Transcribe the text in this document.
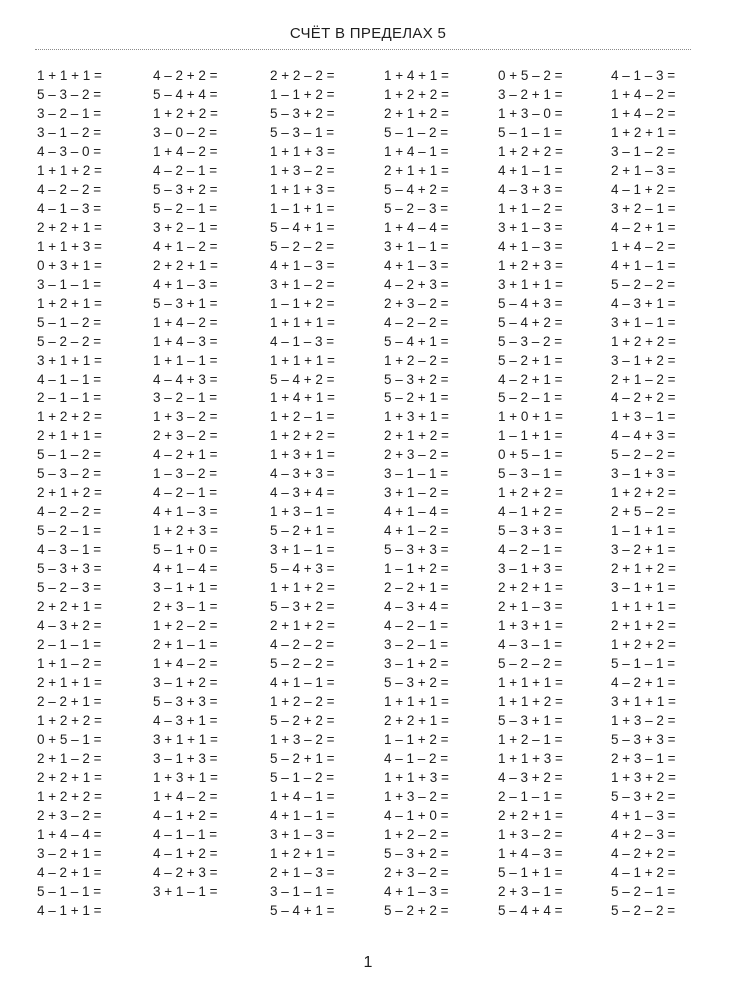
СЧЁТ В ПРЕДЕЛАХ 5
1 + 1 + 1 =
5 – 3 – 2 =
3 – 2 – 1 =
3 – 1 – 2 =
4 – 3 – 0 =
1 + 1 + 2 =
4 – 2 – 2 =
4 – 1 – 3 =
2 + 2 + 1 =
1 + 1 + 3 =
0 + 3 + 1 =
3 – 1 – 1 =
1 + 2 + 1 =
5 – 1 – 2 =
5 – 2 – 2 =
3 + 1 + 1 =
4 – 1 – 1 =
2 – 1 – 1 =
1 + 2 + 2 =
2 + 1 + 1 =
5 – 1 – 2 =
5 – 3 – 2 =
2 + 1 + 2 =
4 – 2 – 2 =
5 – 2 – 1 =
4 – 3 – 1 =
5 – 3 + 3 =
5 – 2 – 3 =
2 + 2 + 1 =
4 – 3 + 2 =
2 – 1 – 1 =
1 + 1 – 2 =
2 + 1 + 1 =
2 – 2 + 1 =
1 + 2 + 2 =
0 + 5 – 1 =
2 + 1 – 2 =
2 + 2 + 1 =
1 + 2 + 2 =
2 + 3 – 2 =
1 + 4 – 4 =
3 – 2 + 1 =
4 – 2 + 1 =
5 – 1 – 1 =
4 – 1 + 1 =
4 – 2 + 2 =
5 – 4 + 4 =
1 + 2 + 2 =
3 – 0 – 2 =
1 + 4 – 2 =
4 – 2 – 1 =
5 – 3 + 2 =
5 – 2 – 1 =
3 + 2 – 1 =
4 + 1 – 2 =
2 + 2 + 1 =
4 + 1 – 3 =
5 – 3 + 1 =
1 + 4 – 2 =
1 + 4 – 3 =
1 + 1 – 1 =
4 – 4 + 3 =
3 – 2 – 1 =
1 + 3 – 2 =
2 + 3 – 2 =
4 – 2 + 1 =
1 – 3 – 2 =
4 – 2 – 1 =
4 + 1 – 3 =
1 + 2 + 3 =
5 – 1 + 0 =
4 + 1 – 4 =
3 – 1 + 1 =
2 + 3 – 1 =
1 + 2 – 2 =
2 + 1 – 1 =
1 + 4 – 2 =
3 – 1 + 2 =
5 – 3 + 3 =
4 – 3 + 1 =
3 + 1 + 1 =
3 – 1 + 3 =
1 + 3 + 1 =
1 + 4 – 2 =
4 – 1 + 2 =
4 – 1 – 1 =
4 – 1 + 2 =
4 – 2 + 3 =
3 + 1 – 1 =
2 + 2 – 2 =
1 – 1 + 2 =
5 – 3 + 2 =
5 – 3 – 1 =
1 + 1 + 3 =
1 + 3 – 2 =
1 + 1 + 3 =
1 – 1 + 1 =
5 – 4 + 1 =
5 – 2 – 2 =
4 + 1 – 3 =
3 + 1 – 2 =
1 – 1 + 2 =
1 + 1 + 1 =
4 – 1 – 3 =
1 + 1 + 1 =
5 – 4 + 2 =
1 + 4 + 1 =
1 + 2 – 1 =
1 + 2 + 2 =
1 + 3 + 1 =
4 – 3 + 3 =
4 – 3 + 4 =
1 + 3 – 1 =
5 – 2 + 1 =
3 + 1 – 1 =
5 – 4 + 3 =
1 + 1 + 2 =
5 – 3 + 2 =
2 + 1 + 2 =
4 – 2 – 2 =
5 – 2 – 2 =
4 + 1 – 1 =
1 + 2 – 2 =
5 – 2 + 2 =
1 + 3 – 2 =
5 – 2 + 1 =
5 – 1 – 2 =
1 + 4 – 1 =
4 + 1 – 1 =
3 + 1 – 3 =
1 + 2 + 1 =
2 + 1 – 3 =
3 – 1 – 1 =
5 – 4 + 1 =
1 + 4 + 1 =
1 + 2 + 2 =
2 + 1 + 2 =
5 – 1 – 2 =
1 + 4 – 1 =
2 + 1 + 1 =
5 – 4 + 2 =
5 – 2 – 3 =
1 + 4 – 4 =
3 + 1 – 1 =
4 + 1 – 3 =
4 – 2 + 3 =
2 + 3 – 2 =
4 – 2 – 2 =
5 – 4 + 1 =
1 + 2 – 2 =
5 – 3 + 2 =
5 – 2 + 1 =
1 + 3 + 1 =
2 + 1 + 2 =
2 + 3 – 2 =
3 – 1 – 1 =
3 + 1 – 2 =
4 + 1 – 4 =
4 + 1 – 2 =
5 – 3 + 3 =
1 – 1 + 2 =
2 – 2 + 1 =
4 – 3 + 4 =
4 – 2 – 1 =
3 – 2 – 1 =
3 – 1 + 2 =
5 – 3 + 2 =
1 + 1 + 1 =
2 + 2 + 1 =
1 – 1 + 2 =
4 – 1 – 2 =
1 + 1 + 3 =
1 + 3 – 2 =
4 – 1 + 0 =
1 + 2 – 2 =
5 – 3 + 2 =
2 + 3 – 2 =
4 + 1 – 3 =
5 – 2 + 2 =
0 + 5 – 2 =
3 – 2 + 1 =
1 + 3 – 0 =
5 – 1 – 1 =
1 + 2 + 2 =
4 + 1 – 1 =
4 – 3 + 3 =
1 + 1 – 2 =
3 + 1 – 3 =
4 + 1 – 3 =
1 + 2 + 3 =
3 + 1 + 1 =
5 – 4 + 3 =
5 – 4 + 2 =
5 – 3 – 2 =
5 – 2 + 1 =
4 – 2 + 1 =
5 – 2 – 1 =
1 + 0 + 1 =
1 – 1 + 1 =
0 + 5 – 1 =
5 – 3 – 1 =
1 + 2 + 2 =
4 – 1 + 2 =
5 – 3 + 3 =
4 – 2 – 1 =
3 – 1 + 3 =
2 + 2 + 1 =
2 + 1 – 3 =
1 + 3 + 1 =
4 – 3 – 1 =
5 – 2 – 2 =
1 + 1 + 1 =
1 + 1 + 2 =
5 – 3 + 1 =
1 + 2 – 1 =
1 + 1 + 3 =
4 – 3 + 2 =
2 – 1 – 1 =
2 + 2 + 1 =
1 + 3 – 2 =
1 + 4 – 3 =
5 – 1 + 1 =
2 + 3 – 1 =
5 – 4 + 4 =
4 – 1 – 3 =
1 + 4 – 2 =
1 + 4 – 2 =
1 + 2 + 1 =
3 – 1 – 2 =
2 + 1 – 3 =
4 – 1 + 2 =
3 + 2 – 1 =
4 – 2 + 1 =
1 + 4 – 2 =
4 + 1 – 1 =
5 – 2 – 2 =
4 – 3 + 1 =
3 + 1 – 1 =
1 + 2 + 2 =
3 – 1 + 2 =
2 + 1 – 2 =
4 – 2 + 2 =
1 + 3 – 1 =
4 – 4 + 3 =
5 – 2 – 2 =
3 – 1 + 3 =
1 + 2 + 2 =
2 + 5 – 2 =
1 – 1 + 1 =
3 – 2 + 1 =
2 + 1 + 2 =
3 – 1 + 1 =
1 + 1 + 1 =
2 + 1 + 2 =
1 + 2 + 2 =
5 – 1 – 1 =
4 – 2 + 1 =
3 + 1 + 1 =
1 + 3 – 2 =
5 – 3 + 3 =
2 + 3 – 1 =
1 + 3 + 2 =
5 – 3 + 2 =
4 + 1 – 3 =
4 + 2 – 3 =
4 – 2 + 2 =
4 – 1 + 2 =
5 – 2 – 1 =
5 – 2 – 2 =
1
